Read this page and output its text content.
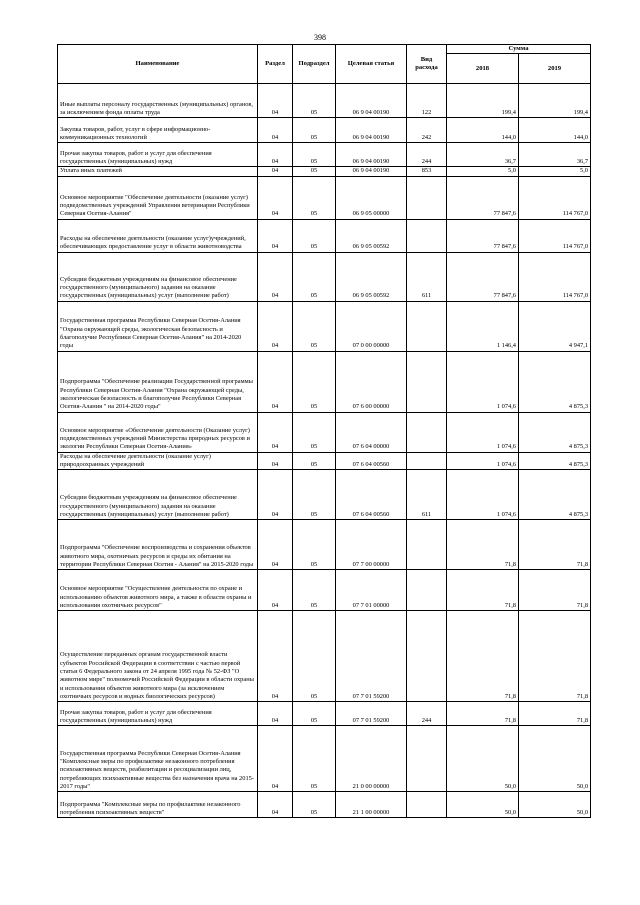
398
Наименование	Раздел	Подраздел	Целевая статья	Вид расхода	Сумма	
					2018	2019
Иные выплаты персоналу государственных (муниципальных) органов, за исключением фонда оплаты труда	04	05	06 9 04 00190	122	199,4	199,4
Закупка товаров, работ, услуг в сфере информационно-коммуникационных технологий	04	05	06 9 04 00190	242	144,0	144,0
Прочая закупка товаров, работ и услуг для обеспечения государственных (муниципальных) нужд	04	05	06 9 04 00190	244	36,7	36,7
Уплата иных платежей	04	05	06 9 04 00190	853	5,0	5,0
Основное мероприятие "Обеспечение деятельности (оказание услуг) подведомственных учреждений Управления ветеринарии Республики Северная Осетия-Алания"	04	05	06 9 05 00000		77 847,6	114 767,0
Расходы на обеспечение деятельности (оказание услуг)учреждений, обеспечивающих предоставление услуг в области животноводства	04	05	06 9 05 00592		77 847,6	114 767,0
Субсидии бюджетным учреждениям на финансовое обеспечение государственного (муниципального) задания на оказание государственных (муниципальных) услуг (выполнение работ)	04	05	06 9 05 00592	611	77 847,6	114 767,0
Государственная программа Республики Северная Осетия-Алания "Охрана окружающей среды, экологическая безопасность и благополучие Республики Северная Осетия-Алания" на 2014-2020 годы	04	05	07 0 00 00000		1 146,4	4 947,1
Подпрограмма "Обеспечение реализации Государственной программы Республики Северная Осетия-Алания "Охрана окружающей среды, экологическая безопасность и благополучие Республики Северная Осетия-Алания " на 2014-2020 годы"	04	05	07 6 00 00000		1 074,6	4 875,3
Основное мероприятие «Обеспечение деятельности (Оказание услуг) подведомственных учреждений Министерства природных ресурсов и экологии Республики Северная Осетия-Алания»	04	05	07 6 04 00000		1 074,6	4 875,3
Расходы на обеспечение деятельности (оказание услуг) природоохранных учреждений	04	05	07 6 04 00560		1 074,6	4 875,3
Субсидии бюджетным учреждениям на финансовое обеспечение государственного (муниципального) задания на оказание государственных (муниципальных) услуг (выполнение работ)	04	05	07 6 04 00560	611	1 074,6	4 875,3
Подпрограмма "Обеспечение воспроизводства и сохранения объектов животного мира, охотничьих ресурсов и среды их обитания на территории Республики Северная Осетия - Алания" на 2015-2020 годы	04	05	07 7 00 00000		71,8	71,8
Основное мероприятие "Осуществление деятельности по охране и использованию объектов животного мира, а также в области охраны и использования охотничьих ресурсов"	04	05	07 7 01 00000		71,8	71,8
Осуществление переданных органам государственной власти субъектов Российской Федерации в соответствии с частью первой статьи 6 Федерального закона от 24 апреля 1995 года № 52-ФЗ "О животном мире" полномочий Российской Федерации в области охраны и использования объектов животного мира (за исключением охотничьих ресурсов и водных биологических ресурсов)	04	05	07 7 01 59200		71,8	71,8
Прочая закупка товаров, работ и услуг для обеспечения государственных (муниципальных) нужд	04	05	07 7 01 59200	244	71,8	71,8
Государственная программа Республики Северная Осетия-Алания "Комплексные меры по профилактике незаконного потребления психоактивных веществ, реабилитации и ресоциализации лиц, потребляющих психоактивные вещества без назначения врача на 2015-2017 годы"	04	05	21 0 00 00000		50,0	50,0
Подпрограмма "Комплексные меры по профилактике незаконного потребления психоактивных веществ"	04	05	21 1 00 00000		50,0	50,0
